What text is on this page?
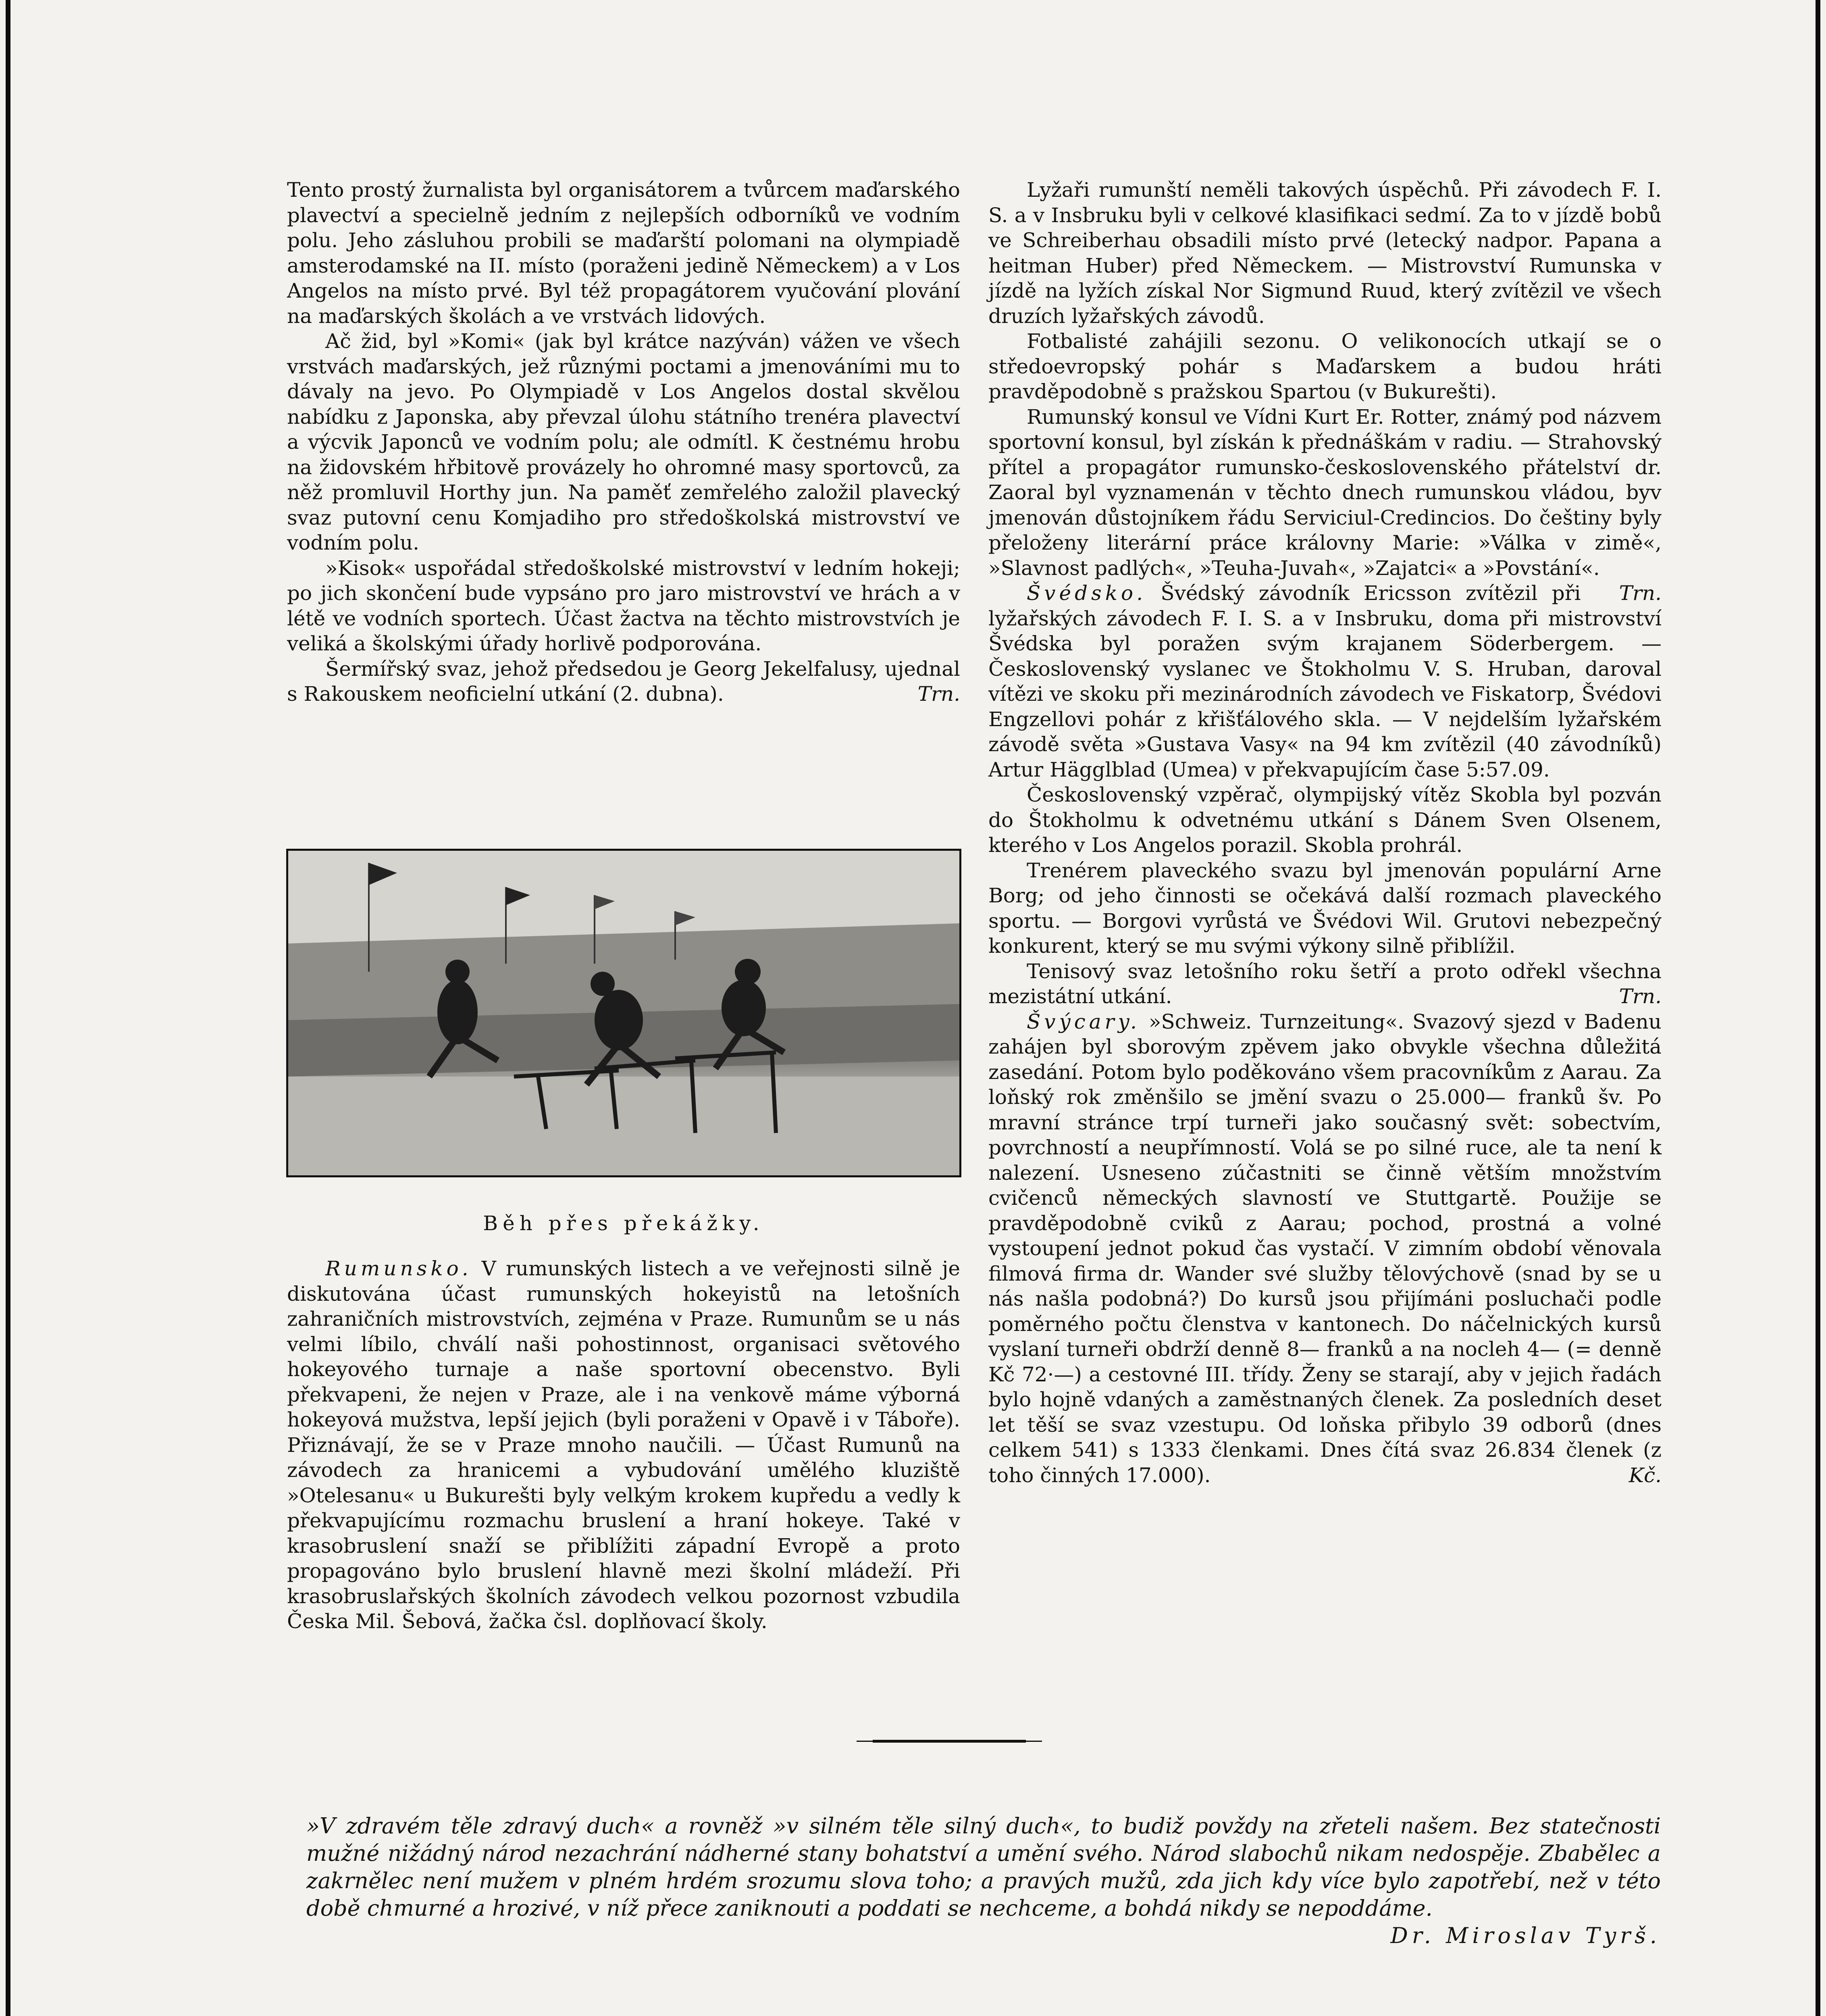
Tento prostý žurnalista byl organisátorem a tvůrcem maďarského plavectví a specielně jedním z nejlepších odborníků ve vodním polu. Jeho zásluhou probili se maďarští polomani na olympiadě amsterodamské na II. místo (poraženi jedině Německem) a v Los Angelos na místo prvé. Byl též propagátorem vyučování plování na maďarských školách a ve vrstvách lidových.

Ač žid, byl »Komi« (jak byl krátce nazýván) vážen ve všech vrstvách maďarských, jež různými poctami a jmenováními mu to dávaly na jevo. Po Olympiadě v Los Angelos dostal skvělou nabídku z Japonska, aby převzal úlohu státního trenéra plavectví a výcvik Japonců ve vodním polu; ale odmítl. K čestnému hrobu na židovském hřbitově provázely ho ohromné masy sportovců, za něž promluvil Horthy jun. Na paměť zemřelého založil plavecký svaz putovní cenu Komjadiho pro středoškolská mistrovství ve vodním polu.

»Kisok« uspořádal středoškolské mistrovství v ledním hokeji; po jich skončení bude vypsáno pro jaro mistrovství ve hrách a v létě ve vodních sportech. Účast žactva na těchto mistrovstvích je veliká a školskými úřady horlivě podporována.

Šermířský svaz, jehož předsedou je Georg Jekelfalusy, ujednal s Rakouskem neoficielní utkání (2. dubna).	Trn.

Běh přes překážky.

Rumunsko. V rumunských listech a ve veřejnosti silně je diskutována účast rumunských hokeyistů na letošních zahraničních mistrovstvích, zejména v Praze. Rumunům se u nás velmi líbilo, chválí naši pohostinnost, organisaci světového hokeyového turnaje a naše sportovní obecenstvo. Byli překvapeni, že nejen v Praze, ale i na venkově máme výborná hokeyová mužstva, lepší jejich (byli poraženi v Opavě i v Táboře). Přiznávají, že se v Praze mnoho naučili. — Účast Rumunů na závodech za hranicemi a vybudování umělého kluziště »Otelesanu« u Bukurešti byly velkým krokem kupředu a vedly k překvapujícímu rozmachu bruslení a hraní hokeye. Také v krasobruslení snaží se přiblížiti západní Evropě a proto propagováno bylo bruslení hlavně mezi školní mládeží. Při krasobruslařských školních závodech velkou pozornost vzbudila Česka Mil. Šebová, žačka čsl. doplňovací školy.

Lyžaři rumunští neměli takových úspěchů. Při závodech F. I. S. a v Insbruku byli v celkové klasifikaci sedmí. Za to v jízdě bobů ve Schreiberhau obsadili místo prvé (letecký nadpor. Papana a heitman Huber) před Německem. — Mistrovství Rumunska v jízdě na lyžích získal Nor Sigmund Ruud, který zvítězil ve všech druzích lyžařských závodů.

Fotbalisté zahájili sezonu. O velikonocích utkají se o středoevropský pohár s Maďarskem a budou hráti pravděpodobně s pražskou Spartou (v Bukurešti).

Rumunský konsul ve Vídni Kurt Er. Rotter, známý pod názvem sportovní konsul, byl získán k přednáškám v radiu. — Strahovský přítel a propagátor rumunsko-československého přátelství dr. Zaoral byl vyznamenán v těchto dnech rumunskou vládou, byv jmenován důstojníkem řádu Serviciul-Credincios. Do češtiny byly přeloženy literární práce královny Marie: »Válka v zimě«, »Slavnost padlých«, »Teuha-Juvah«, »Zajatci« a »Povstání«.
Trn.

Švédsko. Švédský závodník Ericsson zvítězil při lyžařských závodech F. I. S. a v Insbruku, doma při mistrovství Švédska byl poražen svým krajanem Söderbergem. — Československý vyslanec ve Štokholmu V. S. Hruban, daroval vítězi ve skoku při mezinárodních závodech ve Fiskatorp, Švédovi Engzellovi pohár z křišťálového skla. — V nejdelším lyžařském závodě světa »Gustava Vasy« na 94 km zvítězil (40 závodníků) Artur Hägglblad (Umea) v překvapujícím čase 5:57.09.

Československý vzpěrač, olympijský vítěz Skobla byl pozván do Štokholmu k odvetnému utkání s Dánem Sven Olsenem, kterého v Los Angelos porazil. Skobla prohrál.

Trenérem plaveckého svazu byl jmenován populární Arne Borg; od jeho činnosti se očekává další rozmach plaveckého sportu. — Borgovi vyrůstá ve Švédovi Wil. Grutovi nebezpečný konkurent, který se mu svými výkony silně přiblížil.

Tenisový svaz letošního roku šetří a proto odřekl všechna mezistátní utkání.	Trn.

Švýcary. »Schweiz. Turnzeitung«. Svazový sjezd v Badenu zahájen byl sborovým zpěvem jako obvykle všechna důležitá zasedání. Potom bylo poděkováno všem pracovníkům z Aarau. Za loňský rok změnšilo se jmění svazu o 25.000— franků šv. Po mravní stránce trpí turneři jako současný svět: sobectvím, povrchností a neupřímností. Volá se po silné ruce, ale ta není k nalezení. Usneseno zúčastniti se činně větším množstvím cvičenců německých slavností ve Stuttgartě. Použije se pravděpodobně cviků z Aarau; pochod, prostná a volné vystoupení jednot pokud čas vystačí. V zimním období věnovala filmová firma dr. Wander své služby tělovýchově (snad by se u nás našla podobná?) Do kursů jsou přijímáni posluchači podle poměrného počtu členstva v kantonech. Do náčelnických kursů vyslaní turneři obdrží denně 8— franků a na nocleh 4— (= denně Kč 72·—) a cestovné III. třídy. Ženy se starají, aby v jejich řadách bylo hojně vdaných a zaměstnaných členek. Za posledních deset let těší se svaz vzestupu. Od loňska přibylo 39 odborů (dnes celkem 541) s 1333 členkami. Dnes čítá svaz 26.834 členek (z toho činných 17.000).	Kč.

»V zdravém těle zdravý duch« a rovněž »v silném těle silný duch«, to budiž povždy na zřeteli našem. Bez statečnosti mužné nižádný národ nezachrání nádherné stany bohatství a umění svého. Národ slabochů nikam nedospěje. Zbabělec a zakrnělec není mužem v plném hrdém srozumu slova toho; a pravých mužů, zda jich kdy více bylo zapotřebí, než v této době chmurné a hrozivé, v níž přece zaniknouti a poddati se nechceme, a bohdá nikdy se nepoddáme.
Dr. Miroslav Tyrš.
